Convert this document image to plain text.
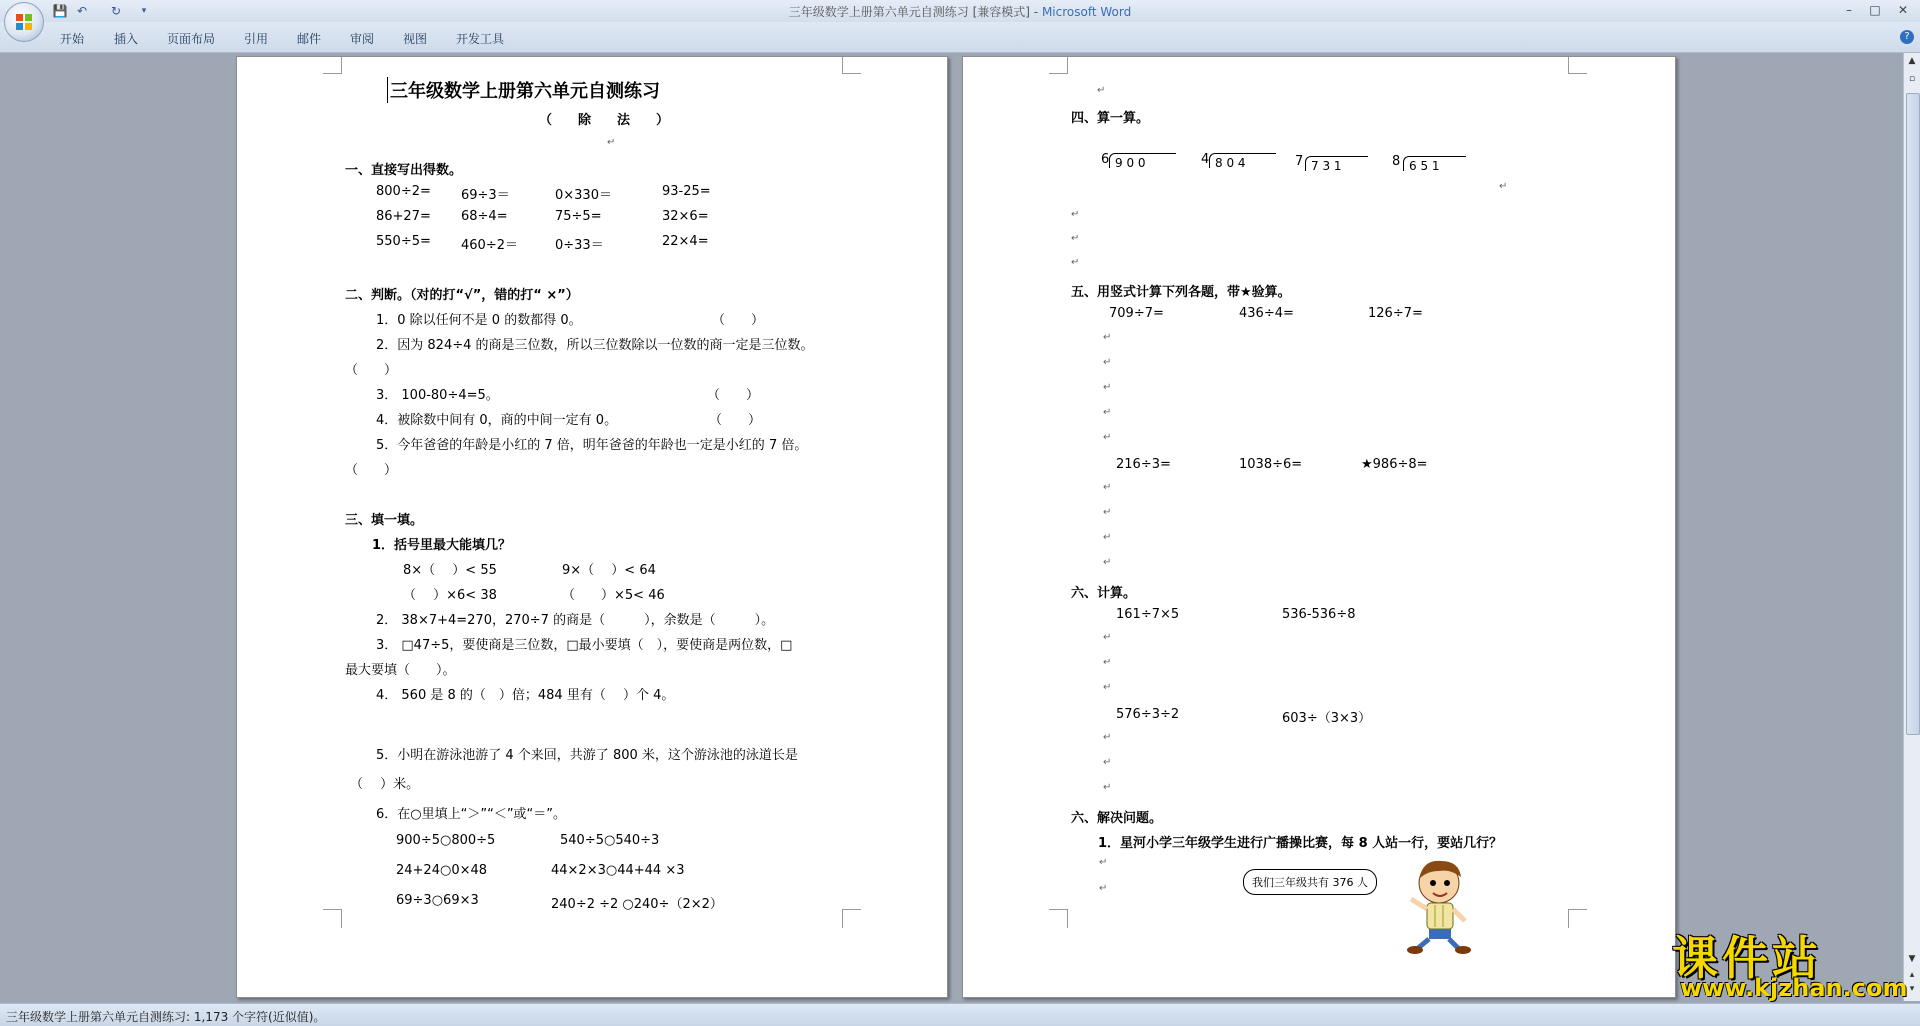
三年级数学上册第六单元自测练习 [兼容模式] - Microsoft Word
💾 ↶ ↻	▾	–	□	✕
开始 插入 页面布局 引用 邮件 审阅 视图 开发工具	?
三年级数学上册第六单元自测练习
（　　除　　法　　）
↵
一、直接写出得数。
800÷2= 69÷3＝	0×330＝	93-25=
86+27= 68÷4=	75÷5=	32×6=
550÷5= 460÷2＝	0÷33＝	22×4=
二、判断。（对的打“√”，错的打“ ×”）
1．0 除以任何不是 0 的数都得 0。	（　　）
2．因为 824÷4 的商是三位数，所以三位数除以一位数的商一定是三位数。
（　　）
3． 100-80÷4=5。	（　　）
4．被除数中间有 0，商的中间一定有 0。	（　　）
5．今年爸爸的年龄是小红的 7 倍，明年爸爸的年龄也一定是小红的 7 倍。
（　　）
三、填一填。
1．括号里最大能填几？
8×（　 ）< 55	9×（　 ）< 64
（　 ）×6< 38	（　　）×5< 46
2． 38×7+4=270，270÷7 的商是（　　　），余数是（　　　）。
3． □47÷5，要使商是三位数，□最小要填（　），要使商是两位数，□
最大要填（　　）。
4． 560 是 8 的（　）倍；484 里有（　 ）个 4。
5．小明在游泳池游了 4 个来回，共游了 800 米，这个游泳池的泳道长是
（　 ）米。
6．在○里填上“＞”“＜”或“＝”。
900÷5○800÷5	540÷5○540÷3
24+24○0×48	44×2×3○44+44 ×3
69÷3○69×3	240÷2 ÷2 ○240÷（2×2）
↵
四、算一算。
6 9 0 0	4 8 0 4	7 7 3 1	8 6 5 1
↵
↵
↵
↵
五、用竖式计算下列各题，带★验算。
709÷7=	436÷4=	126÷7=
↵
↵
↵
↵
↵
216÷3=	1038÷6=	★986÷8=
↵
↵
↵
↵
六、计算。
161÷7×5	536-536÷8
↵
↵
↵
576÷3÷2	603÷（3×3）
↵
↵
↵
六、解决问题。
1．星河小学三年级学生进行广播操比赛，每 8 人站一行，要站几行？
↵
↵	我们三年级共有 376 人
▲
▫
▼
▴
▾
三年级数学上册第六单元自测练习: 1,173 个字符(近似值)。
课件站
www.kjzhan.com
